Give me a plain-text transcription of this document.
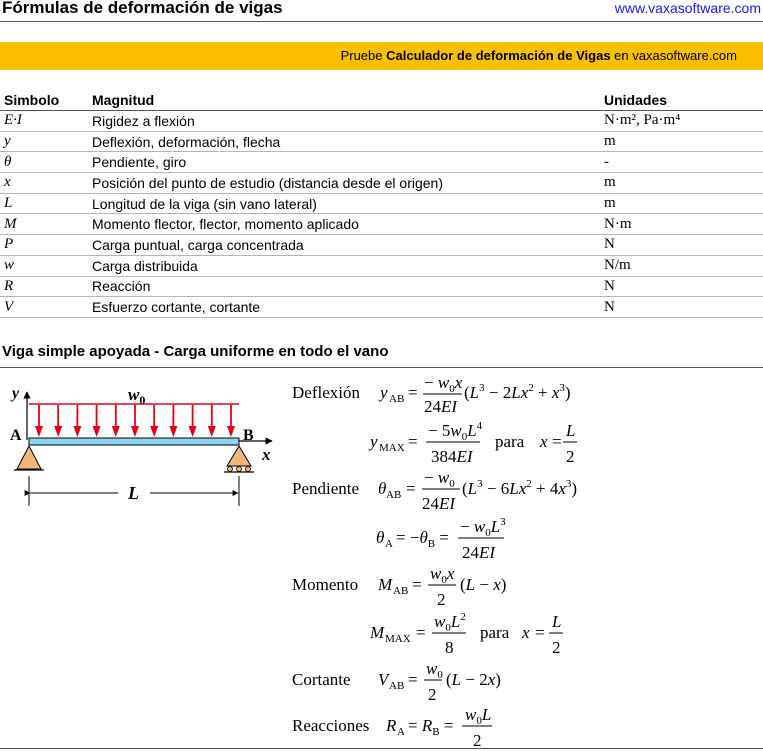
Fórmulas de deformación de vigas	www.vaxasoftware.com
Pruebe Calculador de deformación de Vigas en vaxasoftware.com
Simbolo	Magnitud	Unidades
E·I	Rigidez a flexión	N·m², Pa·m⁴
y	Deflexión, deformación, flecha	m
θ	Pendiente, giro	-
x	Posición del punto de estudio (distancia desde el origen)	m
L	Longitud de la viga (sin vano lateral)	m
M	Momento flector, flector, momento aplicado	N·m
P	Carga puntual, carga concentrada	N
w	Carga distribuida	N/m
R	Reacción	N
V	Esfuerzo cortante, cortante	N
Viga simple apoyada - Carga uniforme en todo el vano
y	$w_0$
A	B
x
L
Deflexión y AB =
− $w_0x$
24EI
$(L^3 - 2Lx^2 + x^3)$
y MAX =
− $5w_0L^4$
384EI
para x =
L
2
Pendiente θ AB =
− $w_0$
24EI
$(L^3 - 6Lx^2 + 4x^3)$
θ $A = -\theta_B$ =
− $w_0L^3$
24EI
Momento M AB =
$w_0x$
2
(L − x)
M MAX =
$w_0L^2$
8
para x =
L
2
Cortante V AB =
$w_0$
2
(L − 2x)
Reacciones R $A = R_B$ =
$w_0L$
2
